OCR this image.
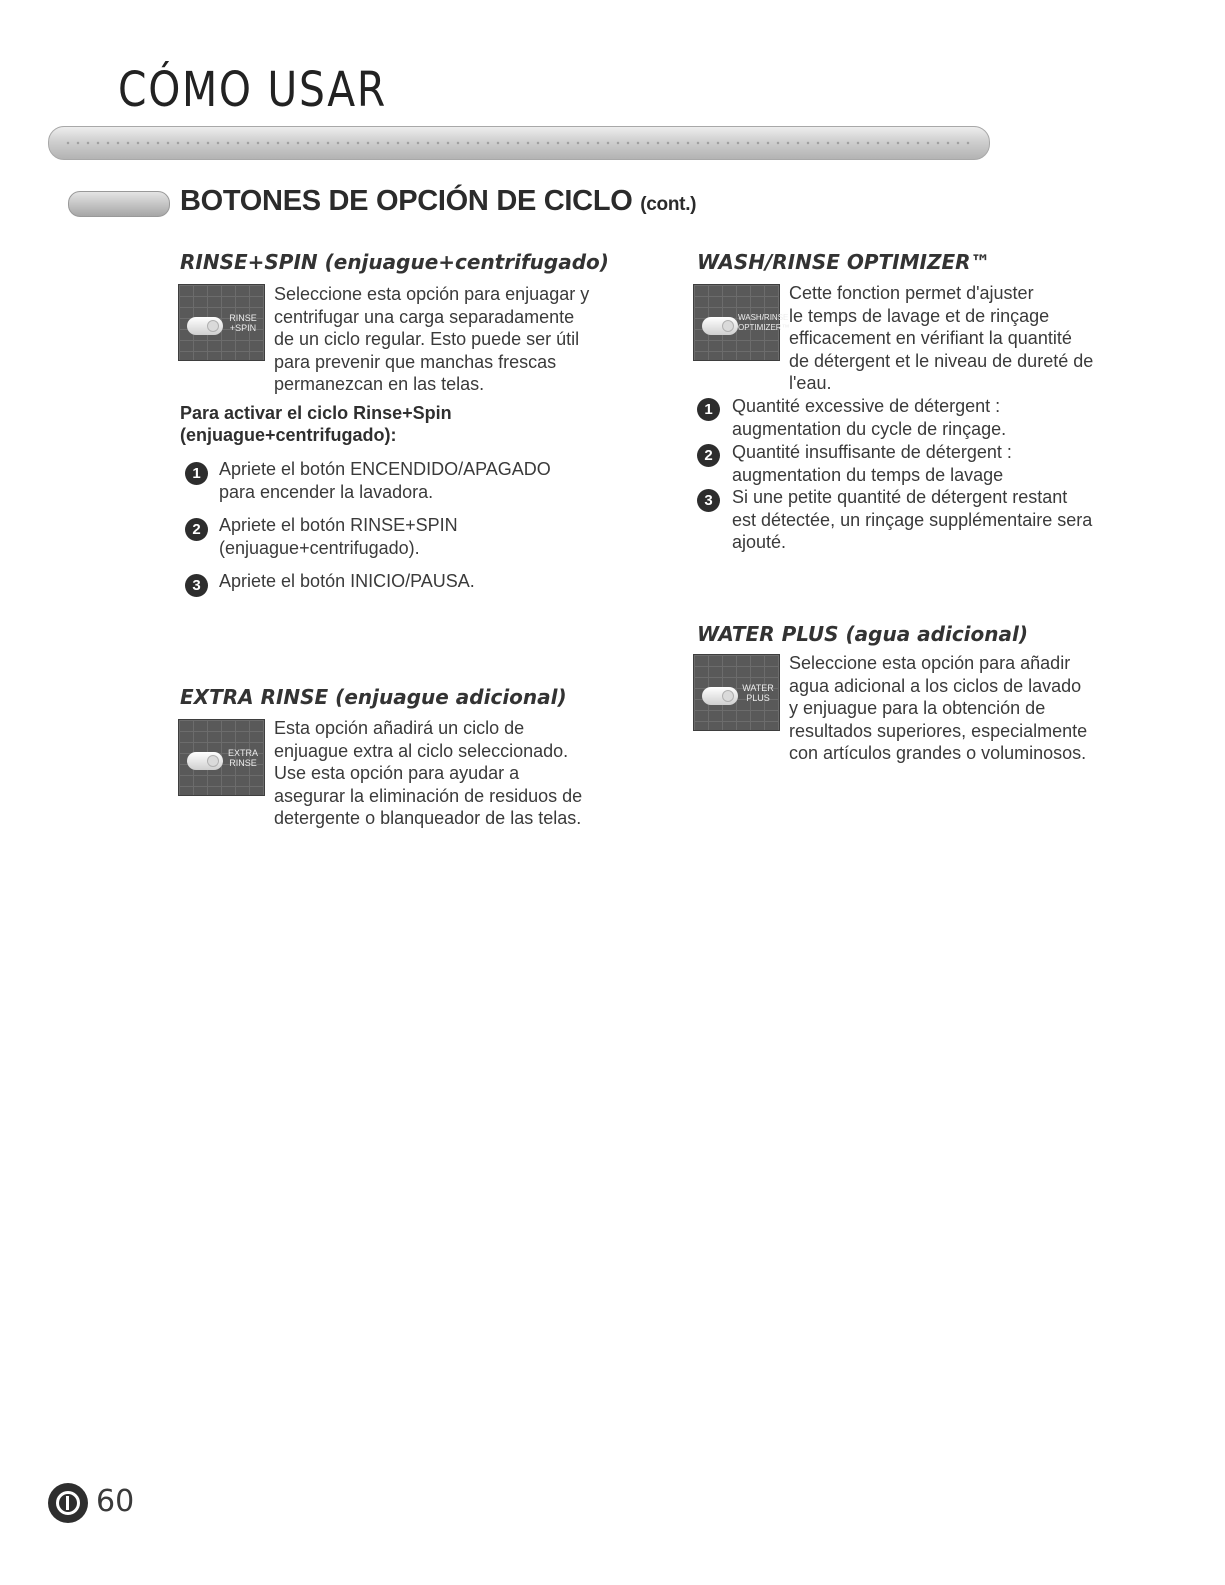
CÓMO USAR
BOTONES DE OPCIÓN DE CICLO (cont.)
RINSE+SPIN (enjuague+centrifugado)
RINSE
+SPIN
Seleccione esta opción para enjuagar y
centrifugar una carga separadamente
de un ciclo regular. Esto puede ser útil
para prevenir que manchas frescas
permanezcan en las telas.
Para activar el ciclo Rinse+Spin
(enjuague+centrifugado):
1	Apriete el botón ENCENDIDO/APAGADO
para encender la lavadora.
2	Apriete el botón RINSE+SPIN
(enjuague+centrifugado).
3	Apriete el botón INICIO/PAUSA.
EXTRA RINSE (enjuague adicional)
EXTRA
RINSE
Esta opción añadirá un ciclo de
enjuague extra al ciclo seleccionado.
Use esta opción para ayudar a
asegurar la eliminación de residuos de
detergente o blanqueador de las telas.
WASH/RINSE OPTIMIZER™
WASH/RINSE
OPTIMIZER™
Cette fonction permet d'ajuster
le temps de lavage et de rinçage
efficacement en vérifiant la quantité
de détergent et le niveau de dureté de
l'eau.
1	Quantité excessive de détergent :
augmentation du cycle de rinçage.
2	Quantité insuffisante de détergent :
augmentation du temps de lavage
3	Si une petite quantité de détergent restant
est détectée, un rinçage supplémentaire sera
ajouté.
WATER PLUS (agua adicional)
WATER
PLUS
Seleccione esta opción para añadir
agua adicional a los ciclos de lavado
y enjuague para la obtención de
resultados superiores, especialmente
con artículos grandes o voluminosos.
60
